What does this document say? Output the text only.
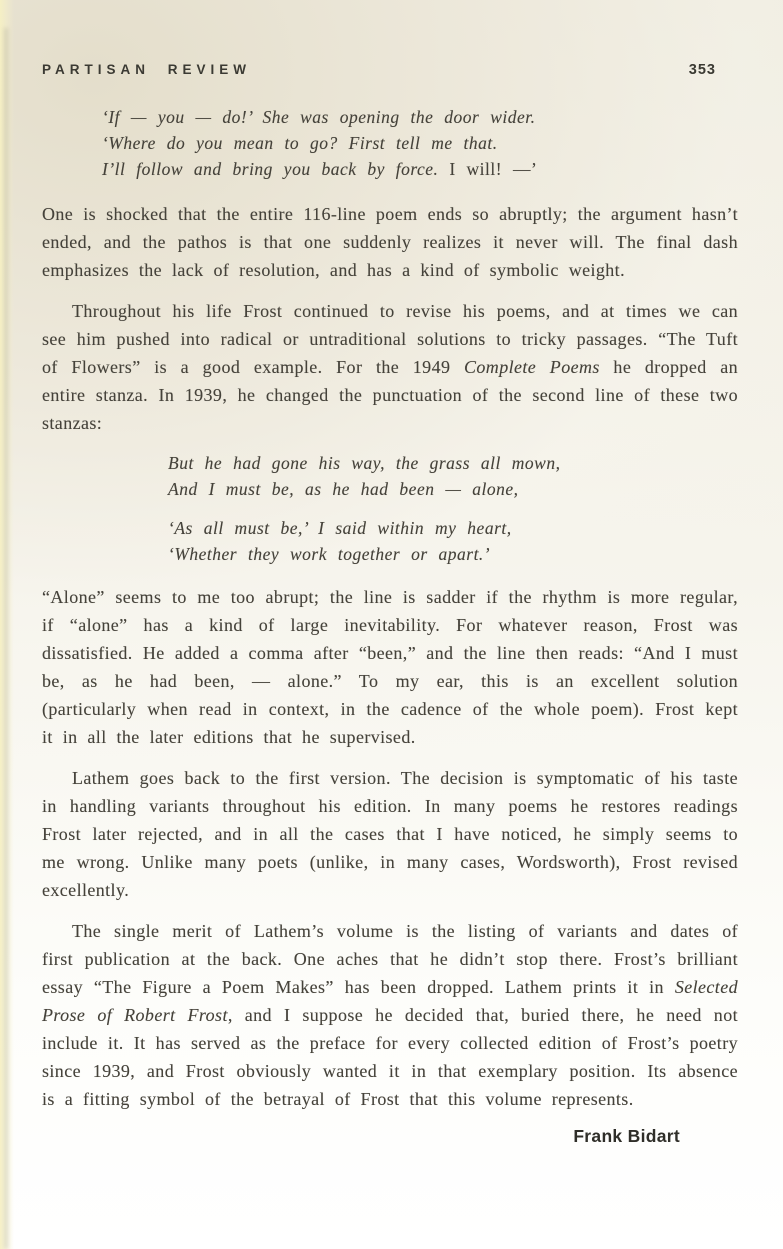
PARTISAN REVIEW	353
‘If — you — do!’ She was opening the door wider.
‘Where do you mean to go? First tell me that.
I’ll follow and bring you back by force. I will! —’

One is shocked that the entire 116-line poem ends so abruptly; the argument hasn’t ended, and the pathos is that one suddenly realizes it never will. The final dash emphasizes the lack of resolution, and has a kind of symbolic weight.

Throughout his life Frost continued to revise his poems, and at times we can see him pushed into radical or untraditional solutions to tricky passages. “The Tuft of Flowers” is a good example. For the 1949 Complete Poems he dropped an entire stanza. In 1939, he changed the punctuation of the second line of these two stanzas:

But he had gone his way, the grass all mown,
And I must be, as he had been — alone,
‘As all must be,’ I said within my heart,
‘Whether they work together or apart.’

“Alone” seems to me too abrupt; the line is sadder if the rhythm is more regular, if “alone” has a kind of large inevitability. For whatever reason, Frost was dissatisfied. He added a comma after “been,” and the line then reads: “And I must be, as he had been, — alone.” To my ear, this is an excellent solution (particularly when read in context, in the cadence of the whole poem). Frost kept it in all the later editions that he supervised.

Lathem goes back to the first version. The decision is symptomatic of his taste in handling variants throughout his edition. In many poems he restores readings Frost later rejected, and in all the cases that I have noticed, he simply seems to me wrong. Unlike many poets (unlike, in many cases, Wordsworth), Frost revised excellently.

The single merit of Lathem’s volume is the listing of variants and dates of first publication at the back. One aches that he didn’t stop there. Frost’s brilliant essay “The Figure a Poem Makes” has been dropped. Lathem prints it in Selected Prose of Robert Frost, and I suppose he decided that, buried there, he need not include it. It has served as the preface for every collected edition of Frost’s poetry since 1939, and Frost obviously wanted it in that exemplary position. Its absence is a fitting symbol of the betrayal of Frost that this volume represents.

Frank Bidart
